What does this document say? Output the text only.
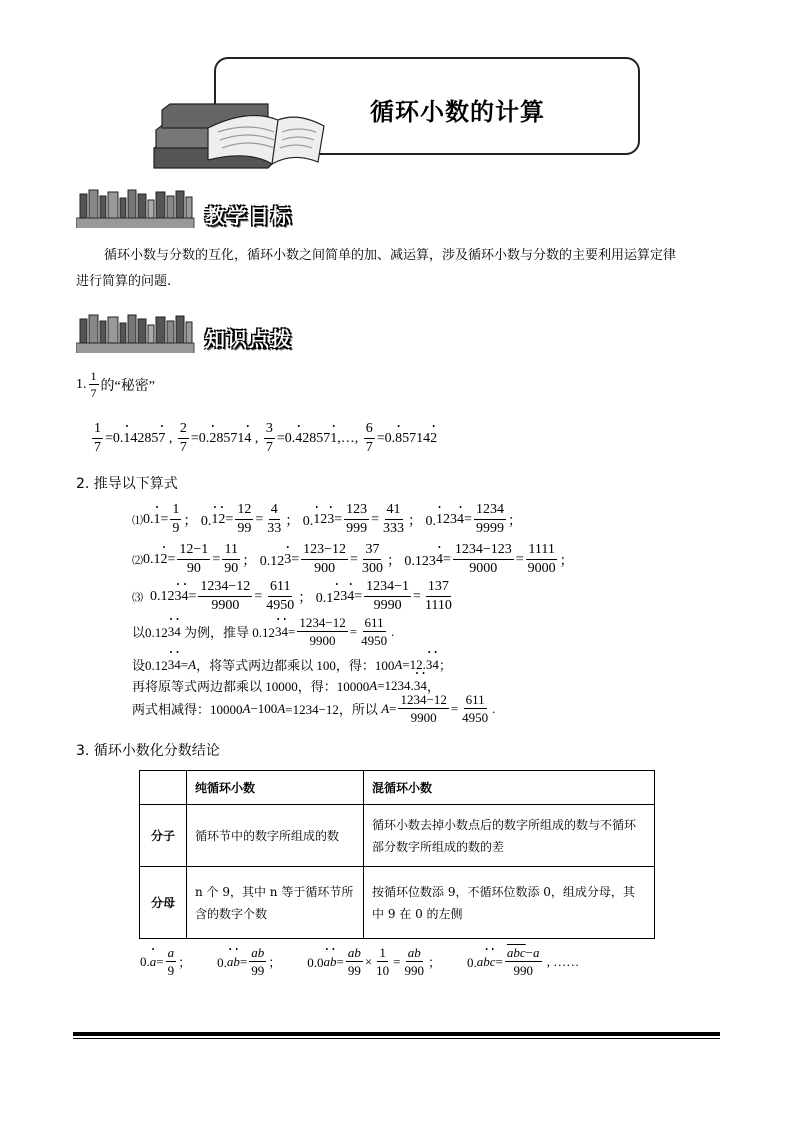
循环小数的计算
教学目标
循环小数与分数的互化，循环小数之间简单的加、减运算，涉及循环小数与分数的主要利用运算定律
进行简算的问题.
知识点拨
1. $\frac{1}{7}$ 的“秘密”
$\frac{1}{7} =0$. • 1 4285 • 7 , $\frac{2}{7} =0$. • 2 8571 • 4 , $\frac{3}{7} =0$. • 4 2857 • 1 ,…, $\frac{6}{7} =0$. • 8 5714 • 2
2. 推导以下算式
⑴ 0. • $1 = \frac{1}{9}$ ； 0. • 1 • $2 = \frac{12}{99} = \frac{4}{33}$ ； 0. • 1 2 • $3 = \frac{123}{999} = \frac{41}{333}$ ； 0. • 1 23 • $4 = \frac{1234}{9999}$ ；
⑵ 0.1 • $2 = \frac{12-1}{90} = \frac{11}{90}$ ； 0.12 • $3 = \frac{123-12}{900} = \frac{37}{300}$ ； 0.123 • $4 = \frac{1234-123}{9000} = \frac{1111}{9000}$ ；
⑶ 0.12 • 3 • $4 = \frac{1234-12}{9900} = \frac{611}{4950}$ ； 0.1 • 2 3 • $4 = \frac{1234-1}{9990} = \frac{137}{1110}$
以0.12 • 3 • 4 为例，推导 0.12 • 3 • $4 = \frac{1234-12}{9900} = \frac{611}{4950}$ .
设0.12 • 3 • 4 = A ，将等式两边都乘以 100，得：100 A =12. • 3 • 4 ；
再将原等式两边都乘以 10000，得：10000 A =1234. • 3 • 4 ，
两式相减得：10000 A −100 A =1234−12，所以 $A = \frac{1234-12}{9900} = \frac{611}{4950}$ .
3. 循环小数化分数结论
	纯循环小数	混循环小数
分子	循环节中的数字所组成的数	循环小数去掉小数点后的数字所组成的数与不循环部分数字所组成的数的差
分母	n 个 9，其中 n 等于循环节所含的数字个数	按循环位数添 9，不循环位数添 0，组成分母，其中 9 在 0 的左侧
0. • $a = \frac{a}{9}$ ；        0. • a • $b = \frac{ab}{99}$ ；        0.0 • a • $b = \frac{ab}{99} \times \frac{1}{10} = \frac{ab}{990}$ ；        0. a • b • $c = \frac{\overline{abc}-a}{990}$ , ……
